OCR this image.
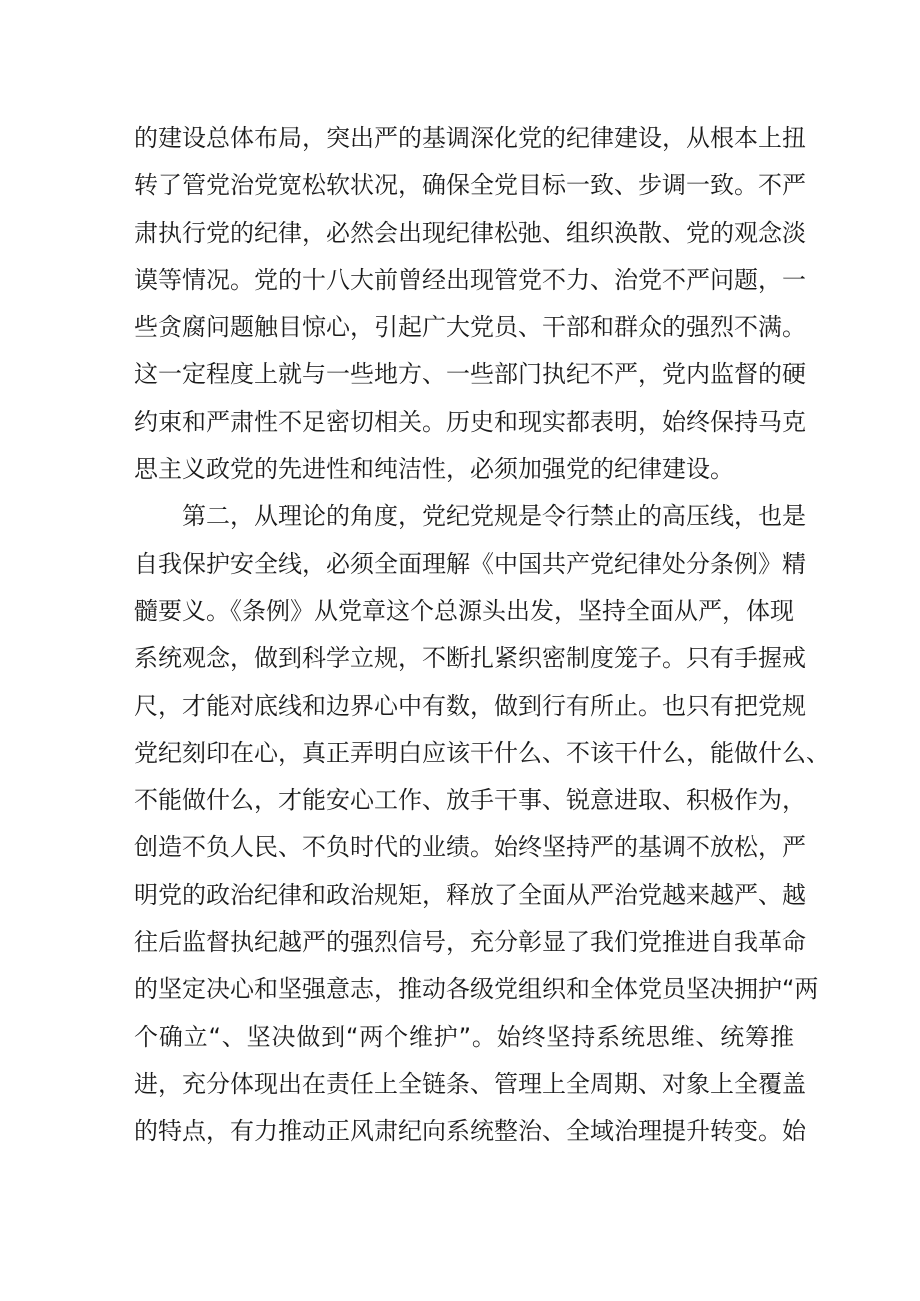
的建设总体布局，突出严的基调深化党的纪律建设，从根本上扭
转了管党治党宽松软状况，确保全党目标一致、步调一致。不严
肃执行党的纪律，必然会出现纪律松弛、组织涣散、党的观念淡
谟等情况。党的十八大前曾经出现管党不力、治党不严问题，一
些贪腐问题触目惊心，引起广大党员、干部和群众的强烈不满。
这一定程度上就与一些地方、一些部门执纪不严，党内监督的硬
约束和严肃性不足密切相关。历史和现实都表明，始终保持马克
思主义政党的先进性和纯洁性，必须加强党的纪律建设。
第二，从理论的角度，党纪党规是令行禁止的高压线，也是
自我保护安全线，必须全面理解《中国共产党纪律处分条例》精
髓要义。《条例》从党章这个总源头出发，坚持全面从严，体现
系统观念，做到科学立规，不断扎紧织密制度笼子。只有手握戒
尺，才能对底线和边界心中有数，做到行有所止。也只有把党规
党纪刻印在心，真正弄明白应该干什么、不该干什么，能做什么、
不能做什么，才能安心工作、放手干事、锐意进取、积极作为，
创造不负人民、不负时代的业绩。始终坚持严的基调不放松，严
明党的政治纪律和政治规矩，释放了全面从严治党越来越严、越
往后监督执纪越严的强烈信号，充分彰显了我们党推进自我革命
的坚定决心和坚强意志，推动各级党组织和全体党员坚决拥护“两
个确立“、坚决做到“两个维护”。始终坚持系统思维、统筹推
进，充分体现出在责任上全链条、管理上全周期、对象上全覆盖
的特点，有力推动正风肃纪向系统整治、全域治理提升转变。始
